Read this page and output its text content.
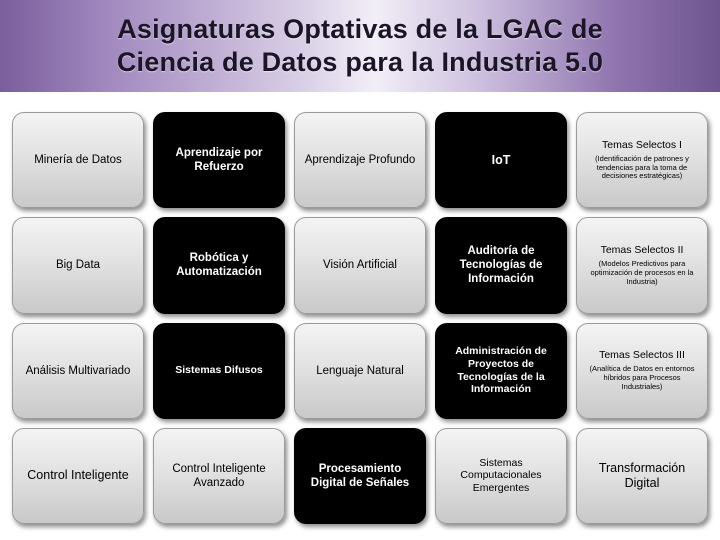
Asignaturas Optativas de la LGAC de
Ciencia de Datos para la Industria 5.0
Minería de Datos
Aprendizaje por Refuerzo
Aprendizaje Profundo	IoT
Temas Selectos I
(Identificación de patrones y tendencias para la toma de decisiones estratégicas)
Big Data
Robótica y Automatización
Visión Artificial
Auditoría de Tecnologías de Información
Temas Selectos II
(Modelos Predictivos para optimización de procesos en la Industria)
Análisis Multivariado	Sistemas Difusos	Lenguaje Natural
Administración de Proyectos de Tecnologías de la Información
Temas Selectos III
(Analítica de Datos en entornos híbridos para Procesos Industriales)
Control Inteligente	Control Inteligente Avanzado
Procesamiento Digital de Señales
Sistemas Computacionales Emergentes
Transformación Digital
